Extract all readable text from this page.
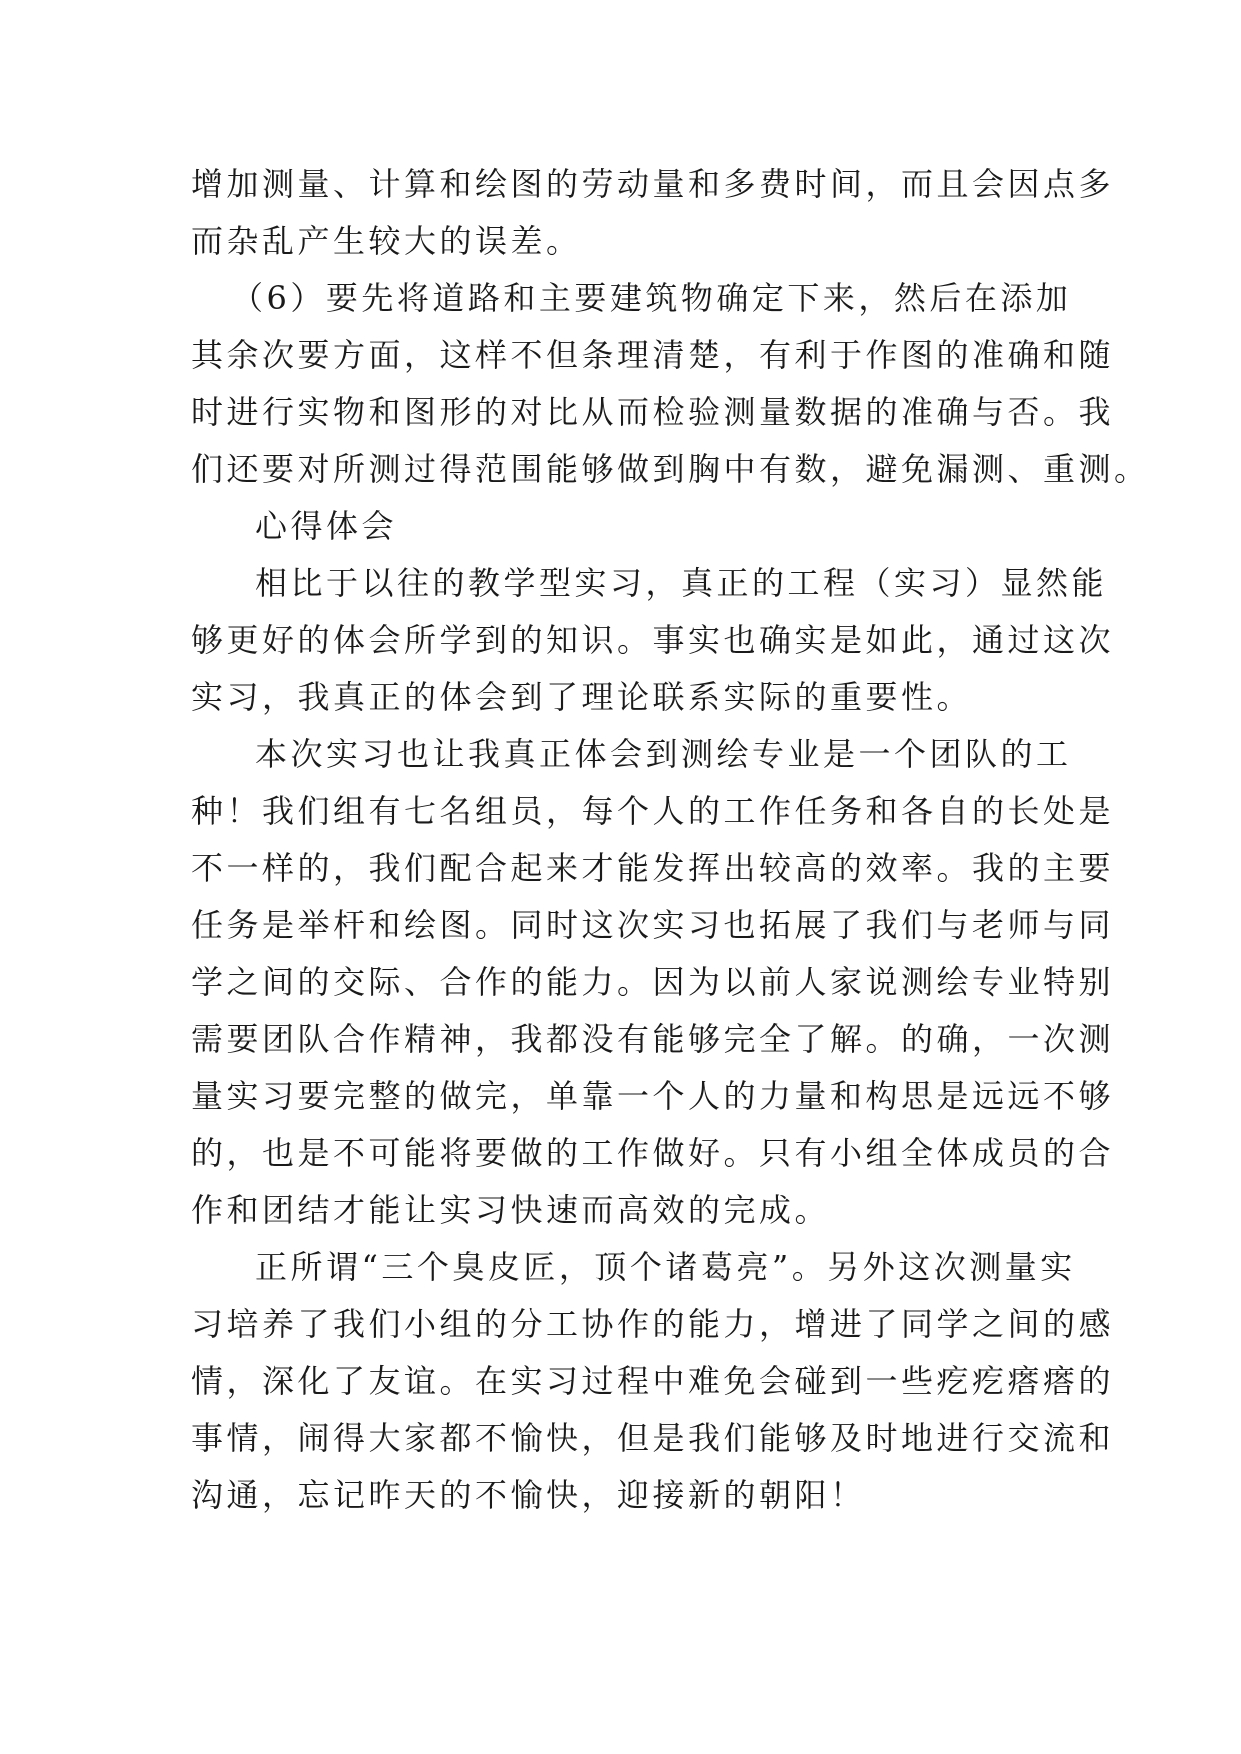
增加测量、计算和绘图的劳动量和多费时间，而且会因点多
而杂乱产生较大的误差。
（6）要先将道路和主要建筑物确定下来，然后在添加
其余次要方面，这样不但条理清楚，有利于作图的准确和随
时进行实物和图形的对比从而检验测量数据的准确与否。我
们还要对所测过得范围能够做到胸中有数，避免漏测、重测。
心得体会
相比于以往的教学型实习，真正的工程（实习）显然能
够更好的体会所学到的知识。事实也确实是如此，通过这次
实习，我真正的体会到了理论联系实际的重要性。
本次实习也让我真正体会到测绘专业是一个团队的工
种！我们组有七名组员，每个人的工作任务和各自的长处是
不一样的，我们配合起来才能发挥出较高的效率。我的主要
任务是举杆和绘图。同时这次实习也拓展了我们与老师与同
学之间的交际、合作的能力。因为以前人家说测绘专业特别
需要团队合作精神，我都没有能够完全了解。的确，一次测
量实习要完整的做完，单靠一个人的力量和构思是远远不够
的，也是不可能将要做的工作做好。只有小组全体成员的合
作和团结才能让实习快速而高效的完成。
正所谓“三个臭皮匠，顶个诸葛亮”。另外这次测量实
习培养了我们小组的分工协作的能力，增进了同学之间的感
情，深化了友谊。在实习过程中难免会碰到一些疙疙瘩瘩的
事情，闹得大家都不愉快，但是我们能够及时地进行交流和
沟通，忘记昨天的不愉快，迎接新的朝阳！
